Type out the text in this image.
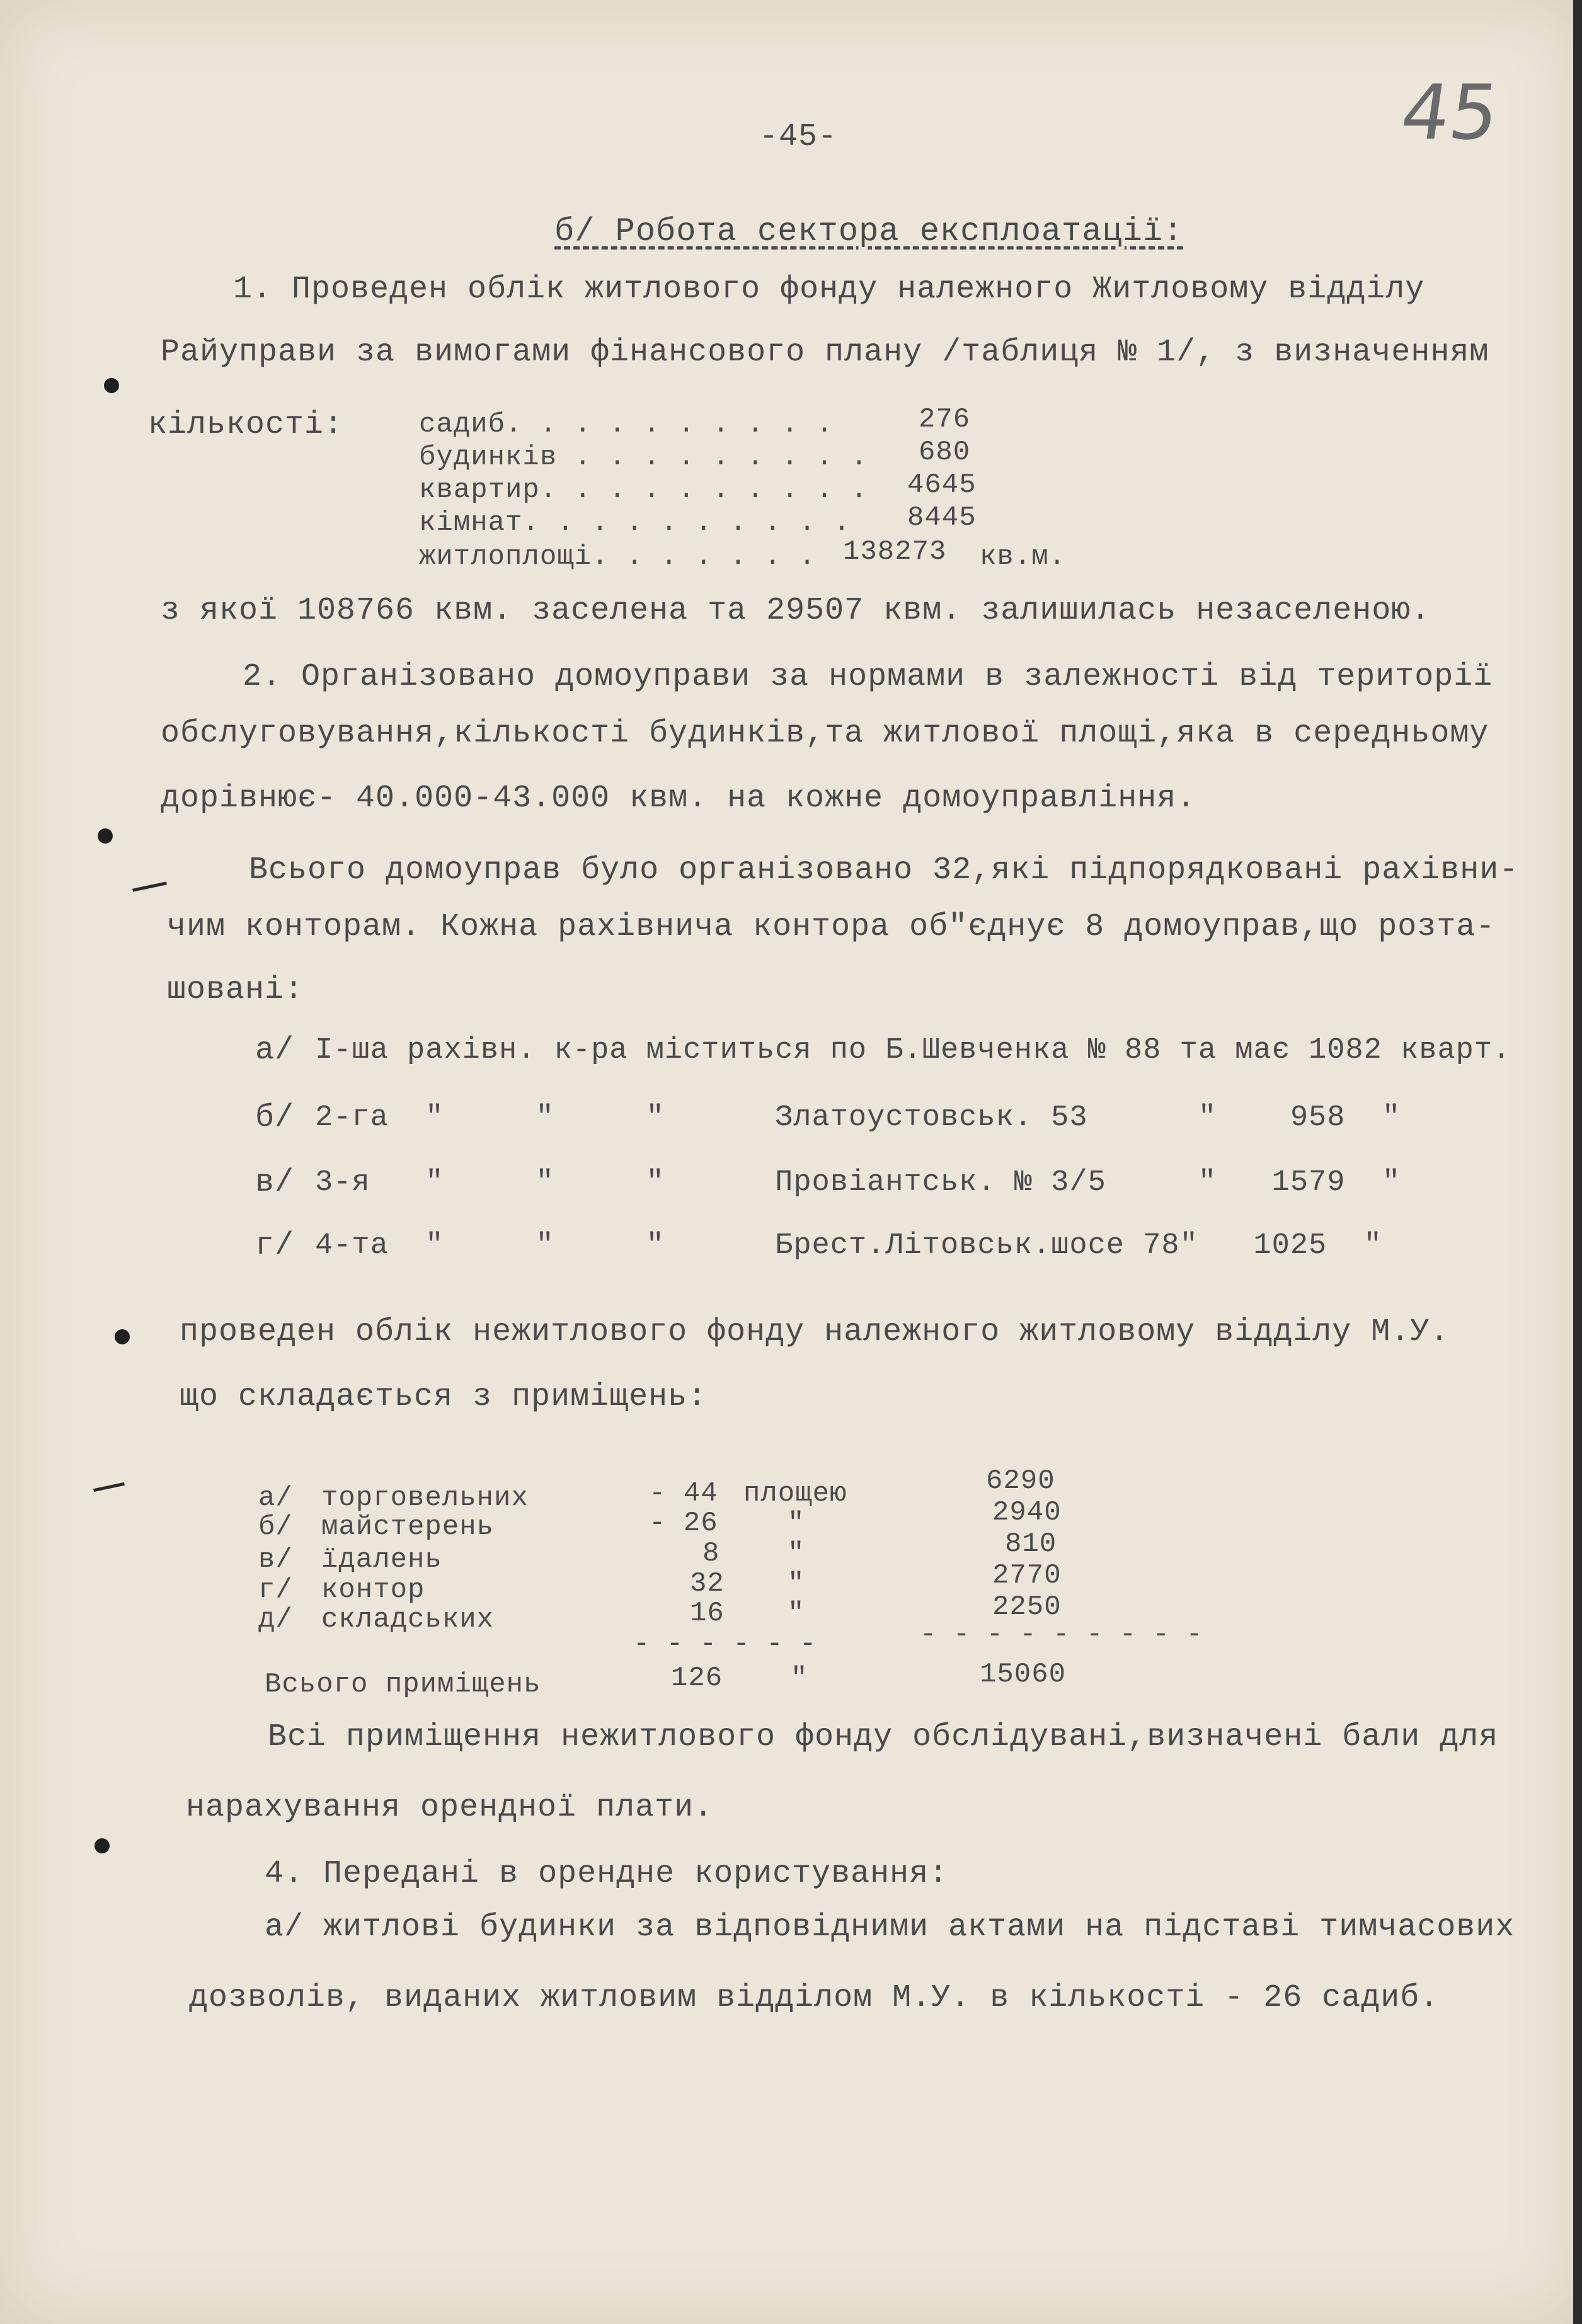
-45-	45
б/ Робота сектора експлоатації:
1. Проведен облік житлового фонду належного Житловому відділу
Райуправи за вимогами фінансового плану /таблиця № 1/, з визначенням
кількості:	садиб. . . . . . . . . .	276
будинків . . . . . . . . . 680
квартир. . . . . . . . . . 4645
кімнат. . . . . . . . . . 8445
житлоплощі. . . . . . . 138273 кв.м.
з якої 108766 квм. заселена та 29507 квм. залишилась незаселеною.
2. Організовано домоуправи за нормами в залежності від території
обслуговування,кількості будинків,та житлової площі,яка в середньому
дорівнює- 40.000-43.000 квм. на кожне домоуправління.
Всього домоуправ було організовано 32,які підпорядковані рахівни-
чим конторам. Кожна рахівнича контора об"єднує 8 домоуправ,що розта-
шовані:
а/ І-ша рахівн. к-ра міститься по Б.Шевченка № 88 та має 1082 кварт.
б/ 2-га  "     "     "      Златоустовськ. 53      "    958  "
в/ 3-я   "     "     "      Провіантськ. № 3/5     "   1579  "
г/ 4-та  "     "     "      Брест.Літовськ.шосе 78"   1025  "
проведен облік нежитлового фонду належного житловому відділу М.У.
що складається з приміщень:
а/ торговельних	- 44 площею	6290
б/ майстерень	- 26	"	2940
в/ їдалень	8 "	810
г/ контор	32 "	2770
д/ складських	16 "	2250
- - - - - -	- - - - - - - - -
Всього приміщень	126 "	15060
Всі приміщення нежитлового фонду обслідувані,визначені бали для
нарахування орендної плати.
4. Передані в орендне користування:
а/ житлові будинки за відповідними актами на підставі тимчасових
дозволів, виданих житловим відділом М.У. в кількості - 26 садиб.
